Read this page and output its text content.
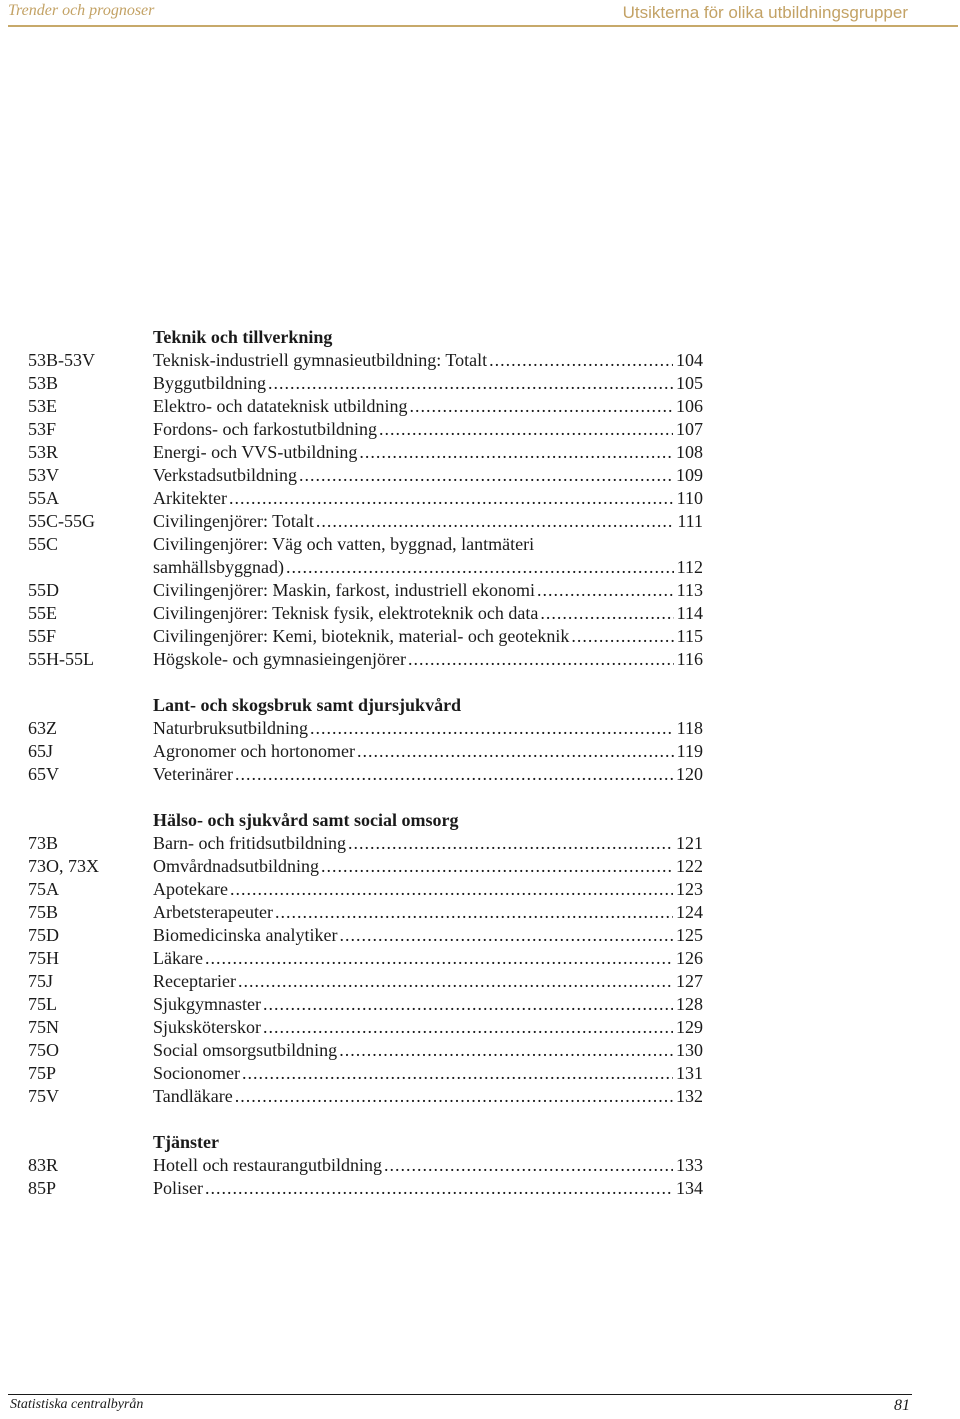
Trender och prognoser	Utsikterna för olika utbildningsgrupper
Teknik och tillverkning
53B-53V	Teknisk-industriell gymnasieutbildning: Totalt .....	104
53B	Byggutbildning .....	105
53E	Elektro- och datateknisk utbildning .....	106
53F	Fordons- och farkostutbildning .....	107
53R	Energi- och VVS-utbildning .....	108
53V	Verkstadsutbildning .....	109
55A	Arkitekter .....	110
55C-55G	Civilingenjörer: Totalt .....	111
55C	Civilingenjörer: Väg och vatten, byggnad, lantmäteri
samhällsbyggnad) .....	112
55D	Civilingenjörer: Maskin, farkost, industriell ekonomi .....	113
55E	Civilingenjörer: Teknisk fysik, elektroteknik och data .....	114
55F	Civilingenjörer: Kemi, bioteknik, material- och geoteknik .....	115
55H-55L	Högskole- och gymnasieingenjörer .....	116
Lant- och skogsbruk samt djursjukvård
63Z	Naturbruksutbildning .....	118
65J	Agronomer och hortonomer .....	119
65V	Veterinärer .....	120
Hälso- och sjukvård samt social omsorg
73B	Barn- och fritidsutbildning .....	121
73O, 73X	Omvårdnadsutbildning .....	122
75A	Apotekare .....	123
75B	Arbetsterapeuter .....	124
75D	Biomedicinska analytiker .....	125
75H	Läkare .....	126
75J	Receptarier .....	127
75L	Sjukgymnaster .....	128
75N	Sjuksköterskor .....	129
75O	Social omsorgsutbildning .....	130
75P	Socionomer .....	131
75V	Tandläkare .....	132
Tjänster
83R	Hotell och restaurangutbildning .....	133
85P	Poliser .....	134
Statistiska centralbyrån	81
